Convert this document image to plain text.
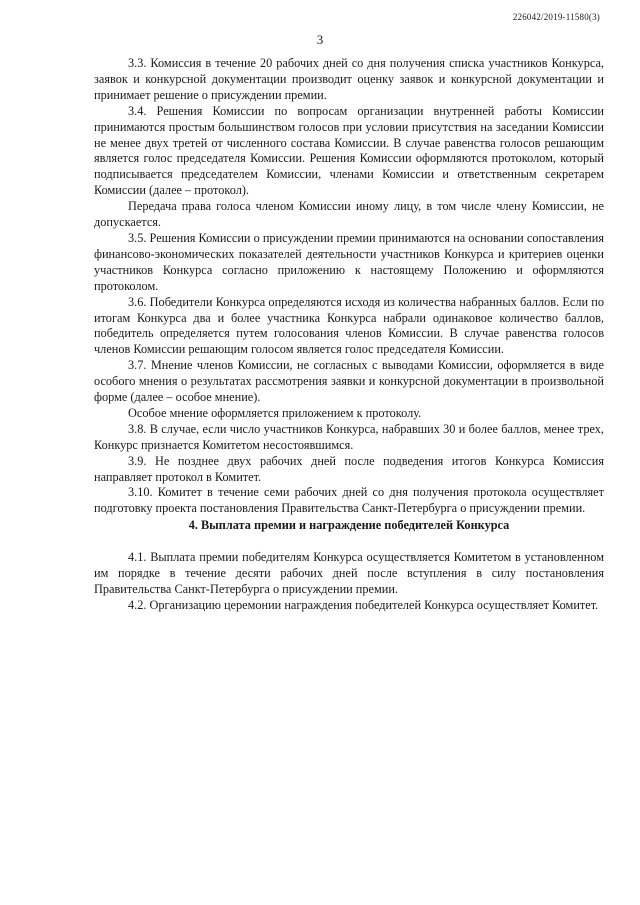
226042/2019-11580(3)
3

3.3. Комиссия в течение 20 рабочих дней со дня получения списка участников Конкурса, заявок и конкурсной документации производит оценку заявок и конкурсной документации и принимает решение о присуждении премии.

3.4. Решения Комиссии по вопросам организации внутренней работы Комиссии принимаются простым большинством голосов при условии присутствия на заседании Комиссии не менее двух третей от численного состава Комиссии. В случае равенства голосов решающим является голос председателя Комиссии. Решения Комиссии оформляются протоколом, который подписывается председателем Комиссии, членами Комиссии и ответственным секретарем Комиссии (далее – протокол).

Передача права голоса членом Комиссии иному лицу, в том числе члену Комиссии, не допускается.

3.5. Решения Комиссии о присуждении премии принимаются на основании сопоставления финансово-экономических показателей деятельности участников Конкурса и критериев оценки участников Конкурса согласно приложению к настоящему Положению и оформляются протоколом.

3.6. Победители Конкурса определяются исходя из количества набранных баллов. Если по итогам Конкурса два и более участника Конкурса набрали одинаковое количество баллов, победитель определяется путем голосования членов Комиссии. В случае равенства голосов членов Комиссии решающим голосом является голос председателя Комиссии.

3.7. Мнение членов Комиссии, не согласных с выводами Комиссии, оформляется в виде особого мнения о результатах рассмотрения заявки и конкурсной документации в произвольной форме (далее – особое мнение).

Особое мнение оформляется приложением к протоколу.

3.8. В случае, если число участников Конкурса, набравших 30 и более баллов, менее трех, Конкурс признается Комитетом несостоявшимся.

3.9. Не позднее двух рабочих дней после подведения итогов Конкурса Комиссия направляет протокол в Комитет.

3.10. Комитет в течение семи рабочих дней со дня получения протокола осуществляет подготовку проекта постановления Правительства Санкт-Петербурга о присуждении премии.

4. Выплата премии и награждение победителей Конкурса

4.1. Выплата премии победителям Конкурса осуществляется Комитетом в установленном им порядке в течение десяти рабочих дней после вступления в силу постановления Правительства Санкт-Петербурга о присуждении премии.

4.2. Организацию церемонии награждения победителей Конкурса осуществляет Комитет.
